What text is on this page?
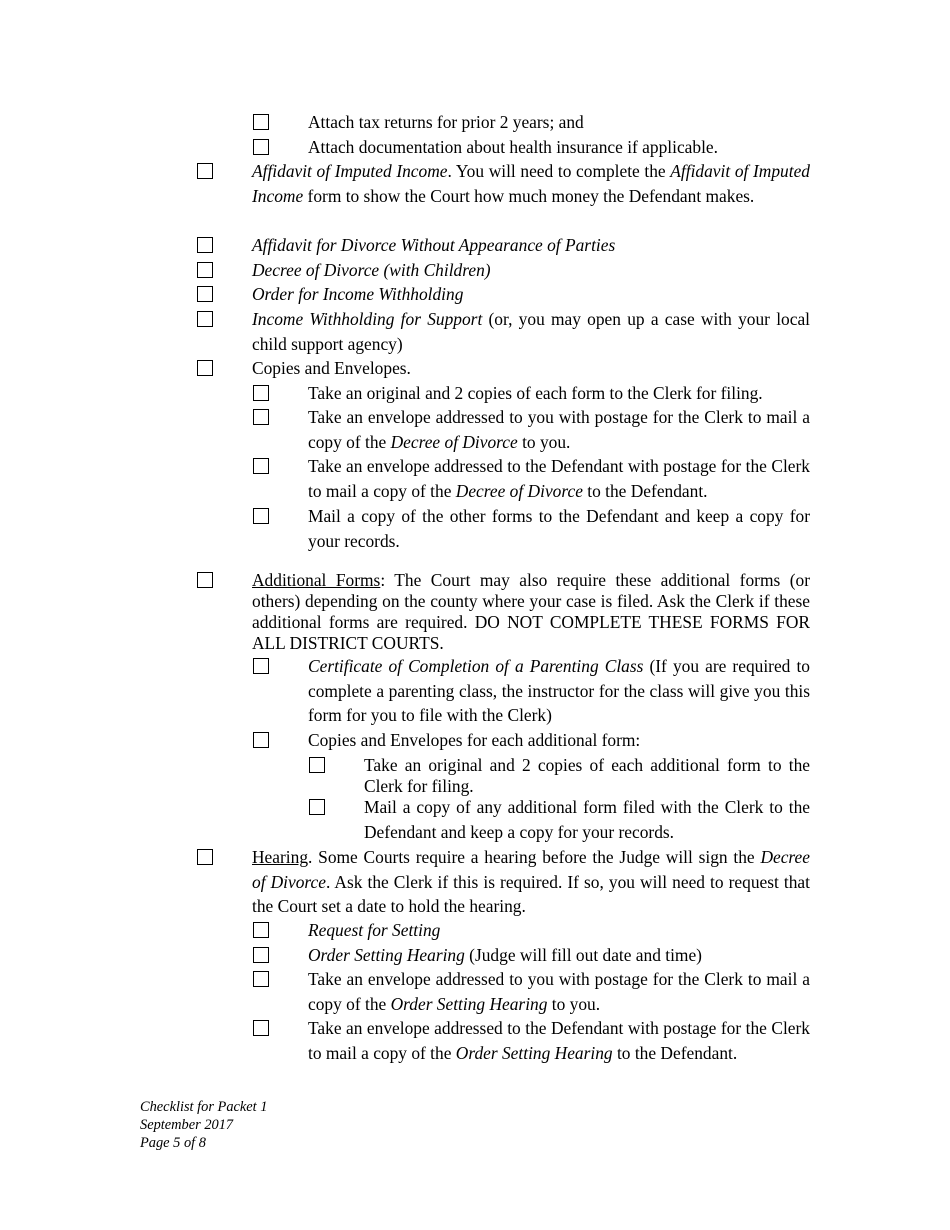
Attach tax returns for prior 2 years; and
Attach documentation about health insurance if applicable.
Affidavit of Imputed Income. You will need to complete the Affidavit of Imputed Income form to show the Court how much money the Defendant makes.
Affidavit for Divorce Without Appearance of Parties
Decree of Divorce (with Children)
Order for Income Withholding
Income Withholding for Support (or, you may open up a case with your local child support agency)
Copies and Envelopes.
Take an original and 2 copies of each form to the Clerk for filing.
Take an envelope addressed to you with postage for the Clerk to mail a copy of the Decree of Divorce to you.
Take an envelope addressed to the Defendant with postage for the Clerk to mail a copy of the Decree of Divorce to the Defendant.
Mail a copy of the other forms to the Defendant and keep a copy for your records.
Additional Forms: The Court may also require these additional forms (or others) depending on the county where your case is filed. Ask the Clerk if these additional forms are required. DO NOT COMPLETE THESE FORMS FOR ALL DISTRICT COURTS.
Certificate of Completion of a Parenting Class (If you are required to complete a parenting class, the instructor for the class will give you this form for you to file with the Clerk)
Copies and Envelopes for each additional form:
Take an original and 2 copies of each additional form to the Clerk for filing.
Mail a copy of any additional form filed with the Clerk to the Defendant and keep a copy for your records.
Hearing. Some Courts require a hearing before the Judge will sign the Decree of Divorce. Ask the Clerk if this is required. If so, you will need to request that the Court set a date to hold the hearing.
Request for Setting
Order Setting Hearing (Judge will fill out date and time)
Take an envelope addressed to you with postage for the Clerk to mail a copy of the Order Setting Hearing to you.
Take an envelope addressed to the Defendant with postage for the Clerk to mail a copy of the Order Setting Hearing to the Defendant.
Checklist for Packet 1
September 2017
Page 5 of 8
